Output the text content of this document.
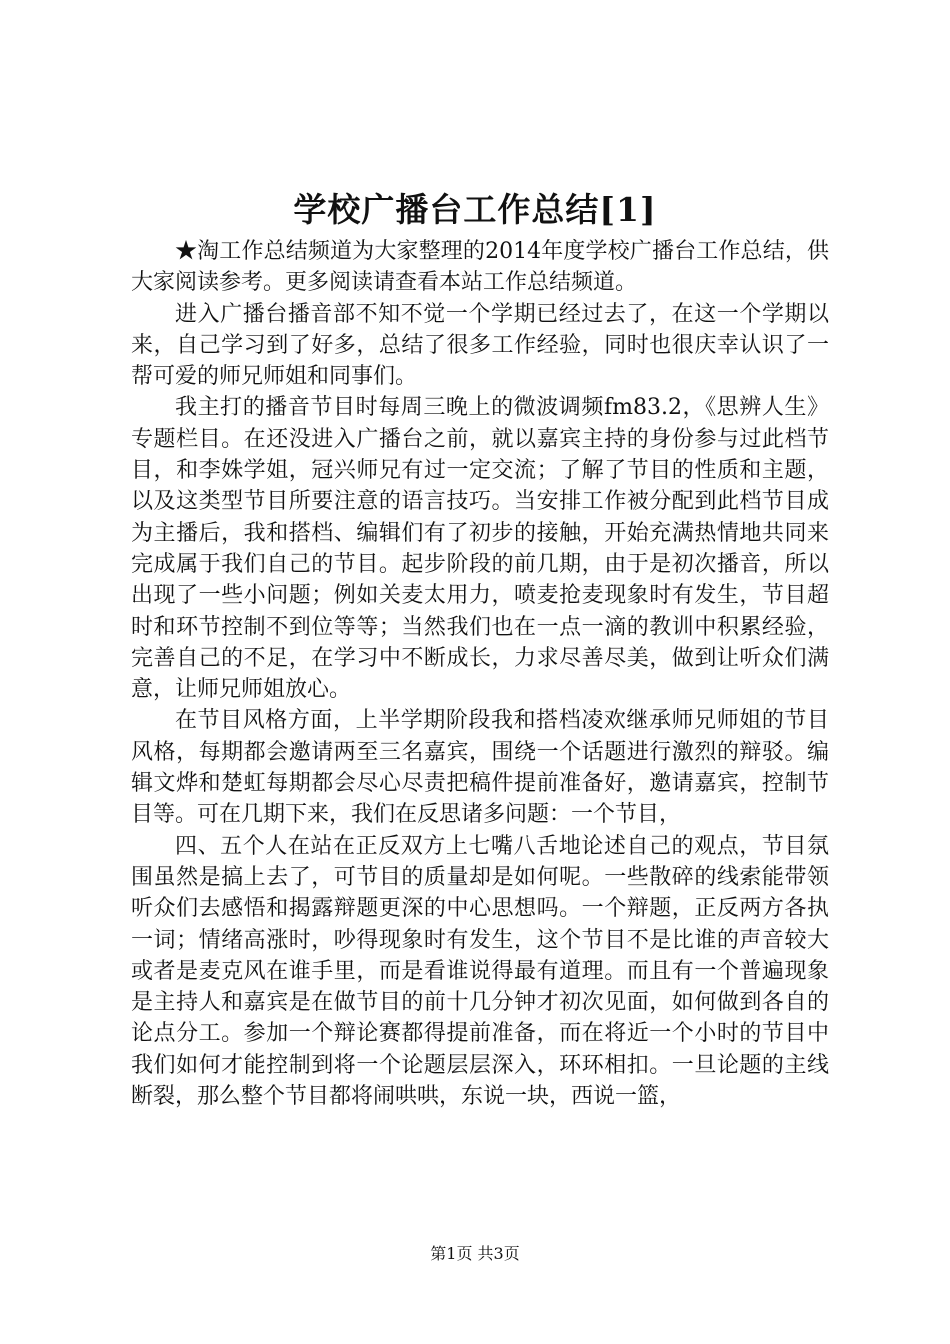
学校广播台工作总结[1]

★淘工作总结频道为大家整理的2014年度学校广播台工作总结，供大家阅读参考。更多阅读请查看本站工作总结频道。

进入广播台播音部不知不觉一个学期已经过去了，在这一个学期以来，自己学习到了好多，总结了很多工作经验，同时也很庆幸认识了一帮可爱的师兄师姐和同事们。

我主打的播音节目时每周三晚上的微波调频fm83.2，《思辨人生》专题栏目。在还没进入广播台之前，就以嘉宾主持的身份参与过此档节目，和李姝学姐，冠兴师兄有过一定交流；了解了节目的性质和主题，以及这类型节目所要注意的语言技巧。当安排工作被分配到此档节目成为主播后，我和搭档、编辑们有了初步的接触，开始充满热情地共同来完成属于我们自己的节目。起步阶段的前几期，由于是初次播音，所以出现了一些小问题；例如关麦太用力，喷麦抢麦现象时有发生，节目超时和环节控制不到位等等；当然我们也在一点一滴的教训中积累经验，完善自己的不足，在学习中不断成长，力求尽善尽美，做到让听众们满意，让师兄师姐放心。

在节目风格方面，上半学期阶段我和搭档凌欢继承师兄师姐的节目风格，每期都会邀请两至三名嘉宾，围绕一个话题进行激烈的辩驳。编辑文烨和楚虹每期都会尽心尽责把稿件提前准备好，邀请嘉宾，控制节目等。可在几期下来，我们在反思诸多问题：一个节目，

四、五个人在站在正反双方上七嘴八舌地论述自己的观点，节目氛围虽然是搞上去了，可节目的质量却是如何呢。一些散碎的线索能带领听众们去感悟和揭露辩题更深的中心思想吗。一个辩题，正反两方各执一词；情绪高涨时，吵得现象时有发生，这个节目不是比谁的声音较大或者是麦克风在谁手里，而是看谁说得最有道理。而且有一个普遍现象是主持人和嘉宾是在做节目的前十几分钟才初次见面，如何做到各自的论点分工。参加一个辩论赛都得提前准备，而在将近一个小时的节目中我们如何才能控制到将一个论题层层深入，环环相扣。一旦论题的主线断裂，那么整个节目都将闹哄哄，东说一块，西说一篮，

第1页 共3页
